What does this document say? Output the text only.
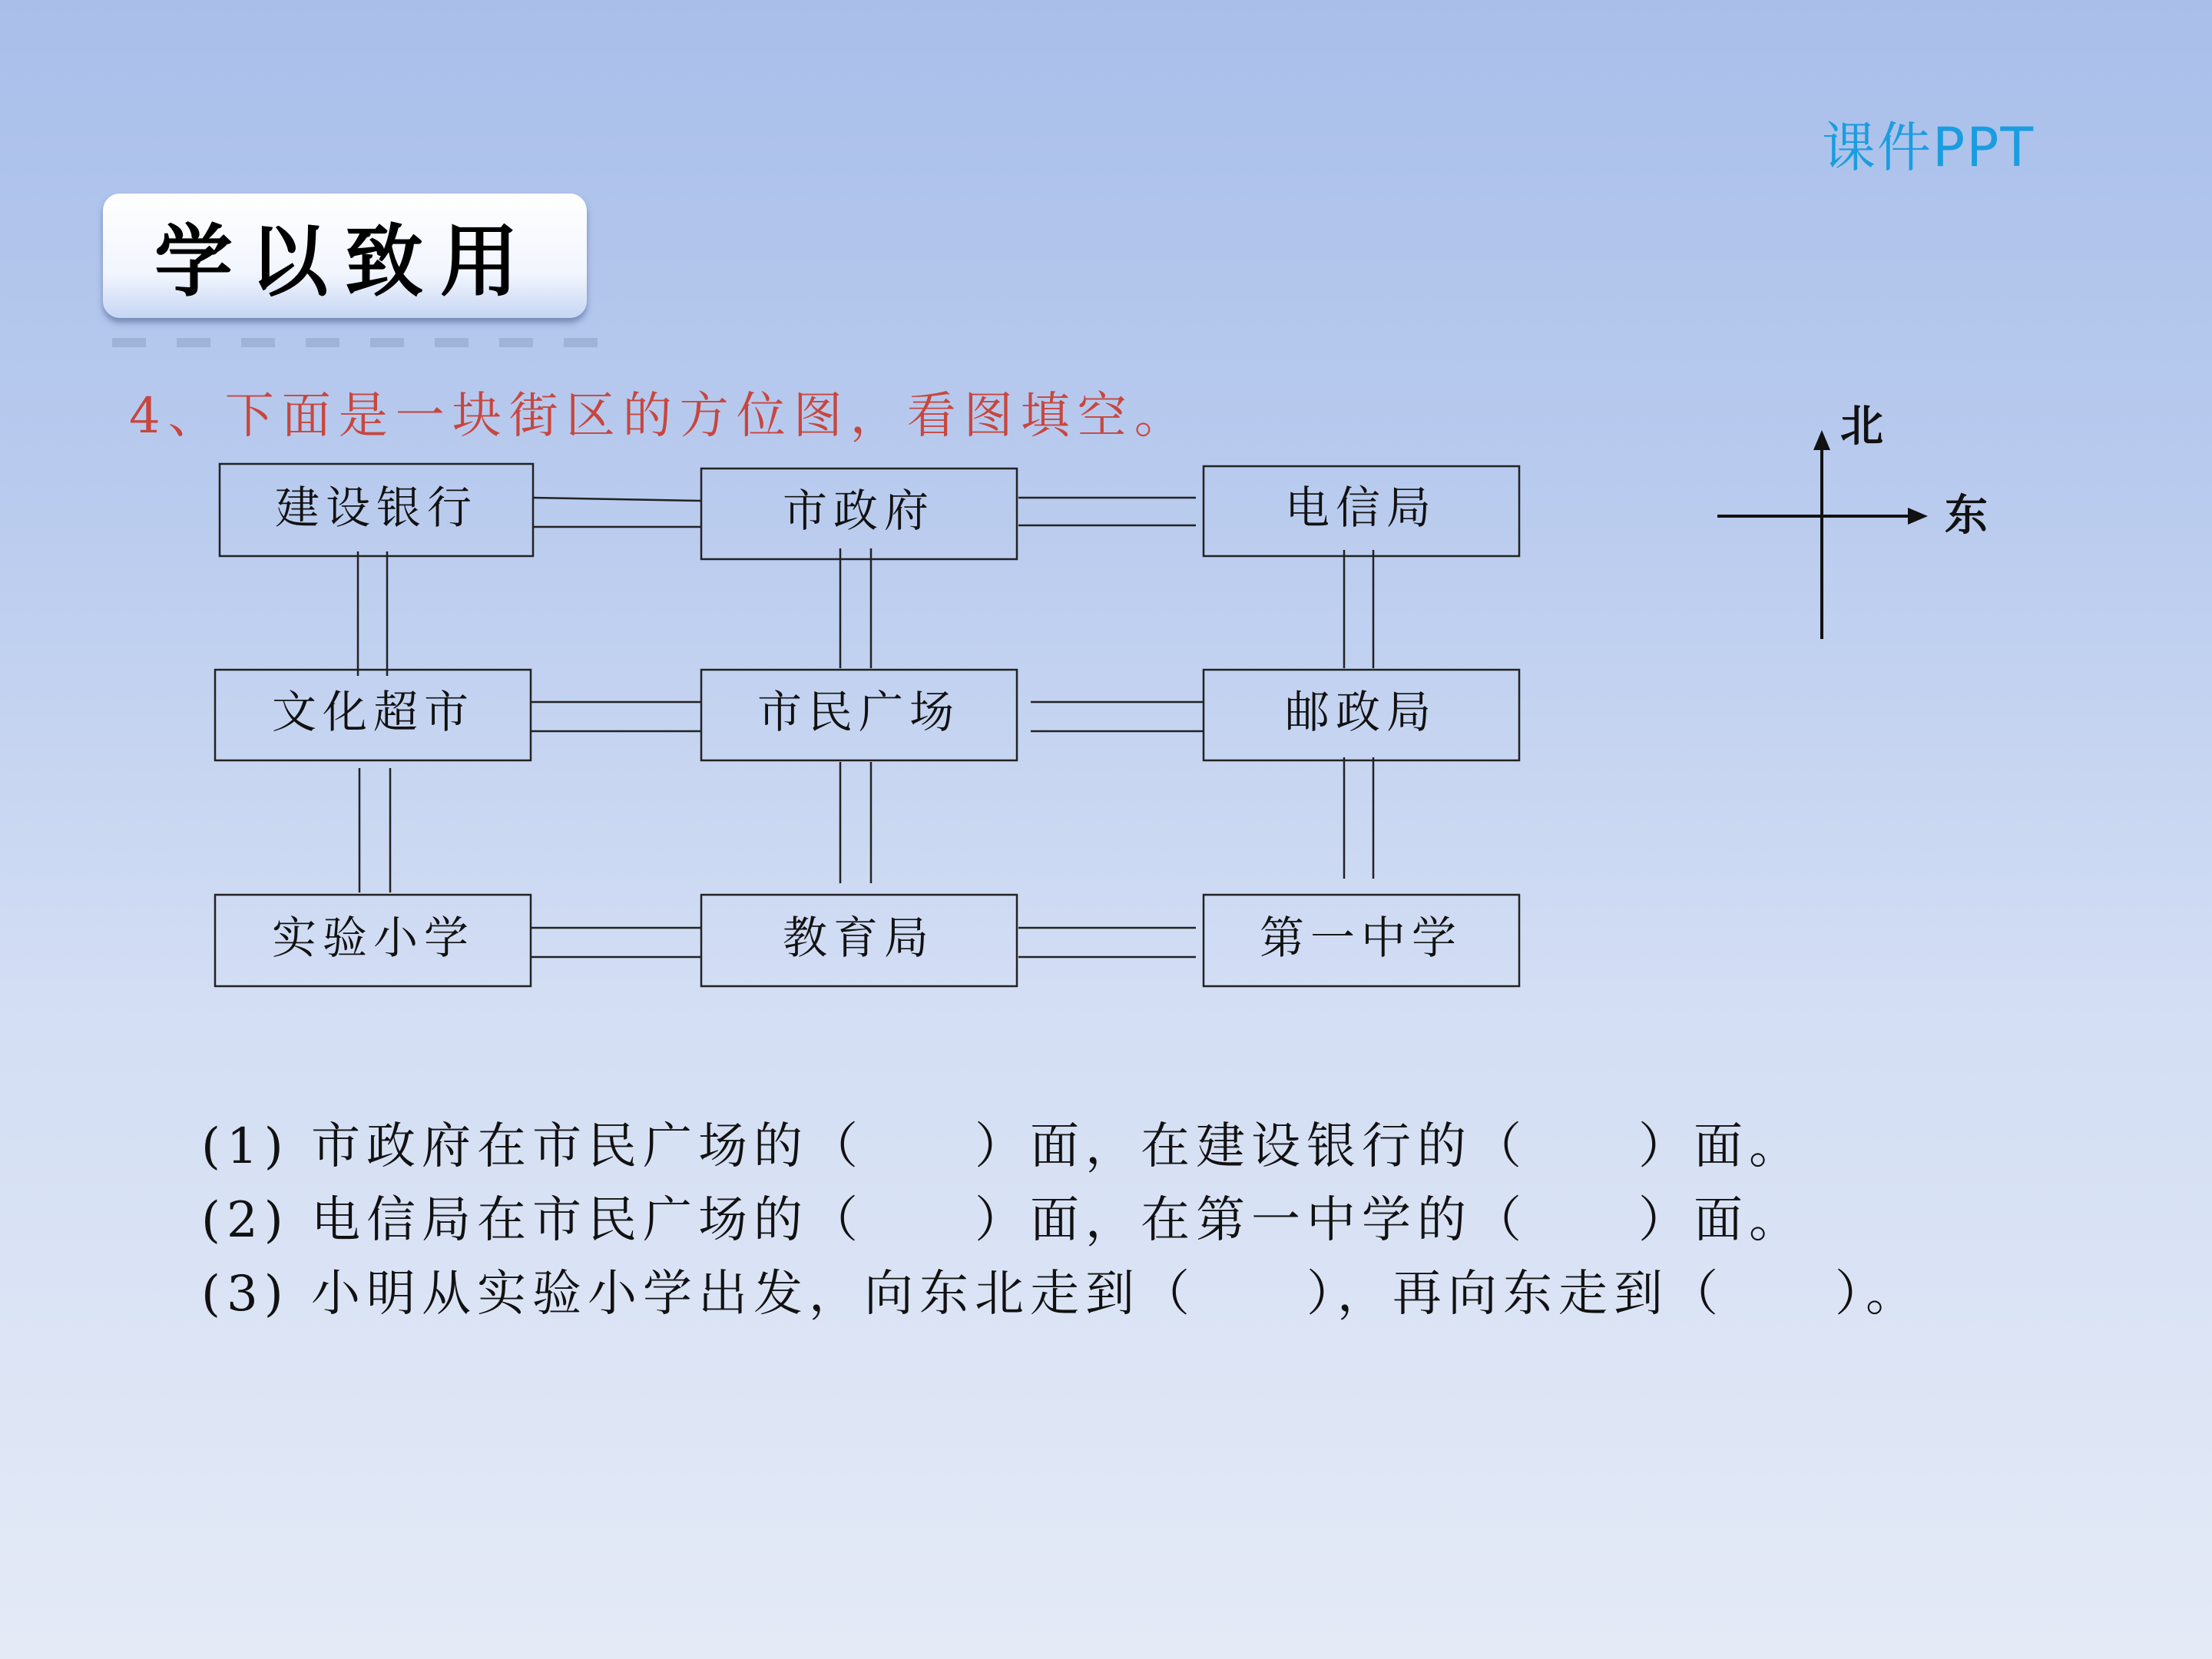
课件PPT
学以致用
4、下面是一块街区的方位图，看图填空。
建设银行	市政府	电信局
文化超市	市民广场	邮政局
实验小学	教育局	第一中学
北
东
(1) 市政府在市民广场的（　　）面，在建设银行的（　　）面。
(2) 电信局在市民广场的（　　）面，在第一中学的（　　）面。
(3) 小明从实验小学出发，向东北走到（　　），再向东走到（　　）。
